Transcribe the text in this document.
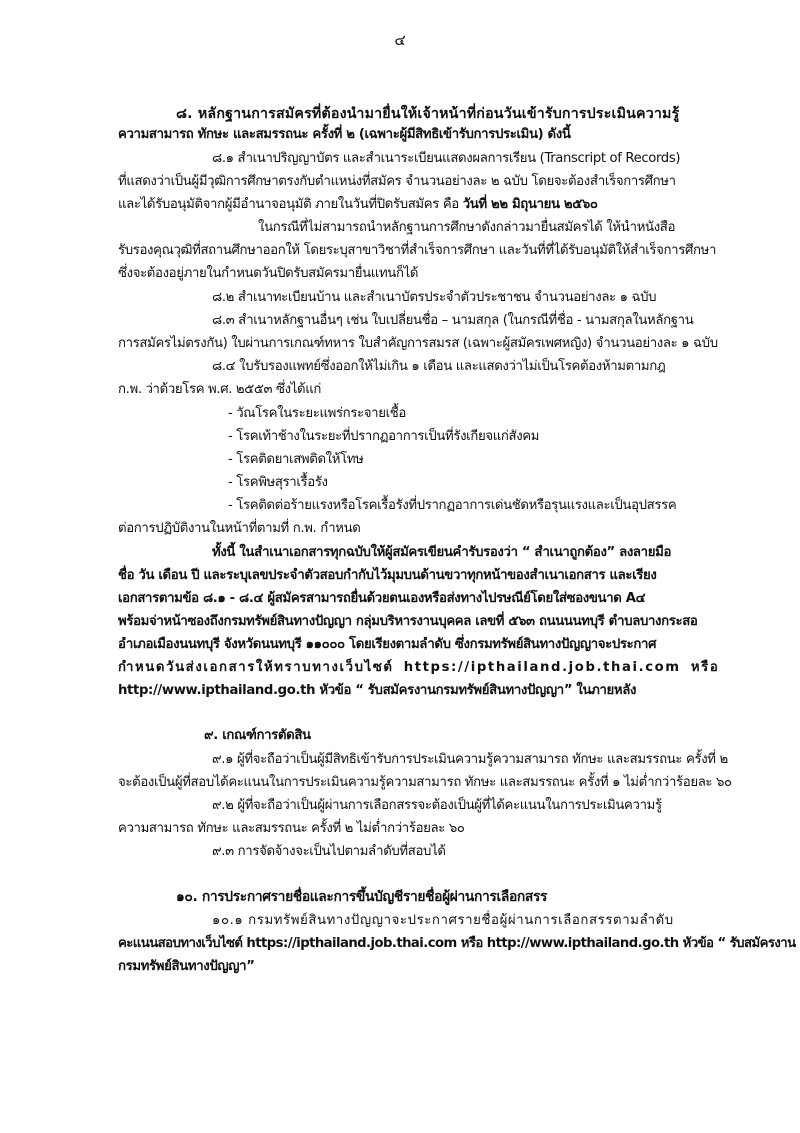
๔
๘. หลักฐานการสมัครที่ต้องนำมายื่นให้เจ้าหน้าที่ก่อนวันเข้ารับการประเมินความรู้
ความสามารถ ทักษะ และสมรรถนะ ครั้งที่ ๒ (เฉพาะผู้มีสิทธิเข้ารับการประเมิน) ดังนี้
๘.๑ สำเนาปริญญาบัตร และสำเนาระเบียนแสดงผลการเรียน (Transcript of Records)
ที่แสดงว่าเป็นผู้มีวุฒิการศึกษาตรงกับตำแหน่งที่สมัคร จำนวนอย่างละ ๒ ฉบับ โดยจะต้องสำเร็จการศึกษา
และได้รับอนุมัติจากผู้มีอำนาจอนุมัติ ภายในวันที่ปิดรับสมัคร คือ วันที่ ๒๒ มิถุนายน ๒๕๖๐
ในกรณีที่ไม่สามารถนำหลักฐานการศึกษาดังกล่าวมายื่นสมัครได้ ให้นำหนังสือ
รับรองคุณวุฒิที่สถานศึกษาออกให้ โดยระบุสาขาวิชาที่สำเร็จการศึกษา และวันที่ที่ได้รับอนุมัติให้สำเร็จการศึกษา
ซึ่งจะต้องอยู่ภายในกำหนดวันปิดรับสมัครมายื่นแทนก็ได้
๘.๒ สำเนาทะเบียนบ้าน และสำเนาบัตรประจำตัวประชาชน จำนวนอย่างละ ๑ ฉบับ
๘.๓ สำเนาหลักฐานอื่นๆ เช่น ใบเปลี่ยนชื่อ – นามสกุล (ในกรณีที่ชื่อ - นามสกุลในหลักฐาน
การสมัครไม่ตรงกัน) ใบผ่านการเกณฑ์ทหาร ใบสำคัญการสมรส (เฉพาะผู้สมัครเพศหญิง) จำนวนอย่างละ ๑ ฉบับ
๘.๔ ใบรับรองแพทย์ซึ่งออกให้ไม่เกิน ๑ เดือน และแสดงว่าไม่เป็นโรคต้องห้ามตามกฎ
ก.พ. ว่าด้วยโรค พ.ศ. ๒๕๕๓ ซึ่งได้แก่
- วัณโรคในระยะแพร่กระจายเชื้อ
- โรคเท้าช้างในระยะที่ปรากฏอาการเป็นที่รังเกียจแก่สังคม
- โรคติดยาเสพติดให้โทษ
- โรคพิษสุราเรื้อรัง
- โรคติดต่อร้ายแรงหรือโรคเรื้อรังที่ปรากฏอาการเด่นชัดหรือรุนแรงและเป็นอุปสรรค
ต่อการปฏิบัติงานในหน้าที่ตามที่ ก.พ. กำหนด
ทั้งนี้ ในสำเนาเอกสารทุกฉบับให้ผู้สมัครเขียนคำรับรองว่า “ สำเนาถูกต้อง” ลงลายมือ
ชื่อ วัน เดือน ปี และระบุเลขประจำตัวสอบกำกับไว้มุมบนด้านขวาทุกหน้าของสำเนาเอกสาร และเรียง
เอกสารตามข้อ ๘.๑ - ๘.๔ ผู้สมัครสามารถยื่นด้วยตนเองหรือส่งทางไปรษณีย์โดยใส่ซองขนาด A๔
พร้อมจ่าหน้าซองถึงกรมทรัพย์สินทางปัญญา กลุ่มบริหารงานบุคคล เลขที่ ๕๖๓ ถนนนนทบุรี ตำบลบางกระสอ
อำเภอเมืองนนทบุรี จังหวัดนนทบุรี ๑๑๐๐๐ โดยเรียงตามลำดับ ซึ่งกรมทรัพย์สินทางปัญญาจะประกาศ
กำหนดวันส่งเอกสารให้ทราบทางเว็บไซต์ https://ipthailand.job.thai.com หรือ
http://www.ipthailand.go.th หัวข้อ “ รับสมัครงานกรมทรัพย์สินทางปัญญา” ในภายหลัง
๙. เกณฑ์การตัดสิน
๙.๑ ผู้ที่จะถือว่าเป็นผู้มีสิทธิเข้ารับการประเมินความรู้ความสามารถ ทักษะ และสมรรถนะ ครั้งที่ ๒
จะต้องเป็นผู้ที่สอบได้คะแนนในการประเมินความรู้ความสามารถ ทักษะ และสมรรถนะ ครั้งที่ ๑ ไม่ต่ำกว่าร้อยละ ๖๐
๙.๒ ผู้ที่จะถือว่าเป็นผู้ผ่านการเลือกสรรจะต้องเป็นผู้ที่ได้คะแนนในการประเมินความรู้
ความสามารถ ทักษะ และสมรรถนะ ครั้งที่ ๒ ไม่ต่ำกว่าร้อยละ ๖๐
๙.๓ การจัดจ้างจะเป็นไปตามลำดับที่สอบได้
๑๐. การประกาศรายชื่อและการขึ้นบัญชีรายชื่อผู้ผ่านการเลือกสรร
๑๐.๑ กรมทรัพย์สินทางปัญญาจะประกาศรายชื่อผู้ผ่านการเลือกสรรตามลำดับ
คะแนนสอบทางเว็บไซต์ https://ipthailand.job.thai.com หรือ http://www.ipthailand.go.th หัวข้อ “ รับสมัครงาน
กรมทรัพย์สินทางปัญญา”
